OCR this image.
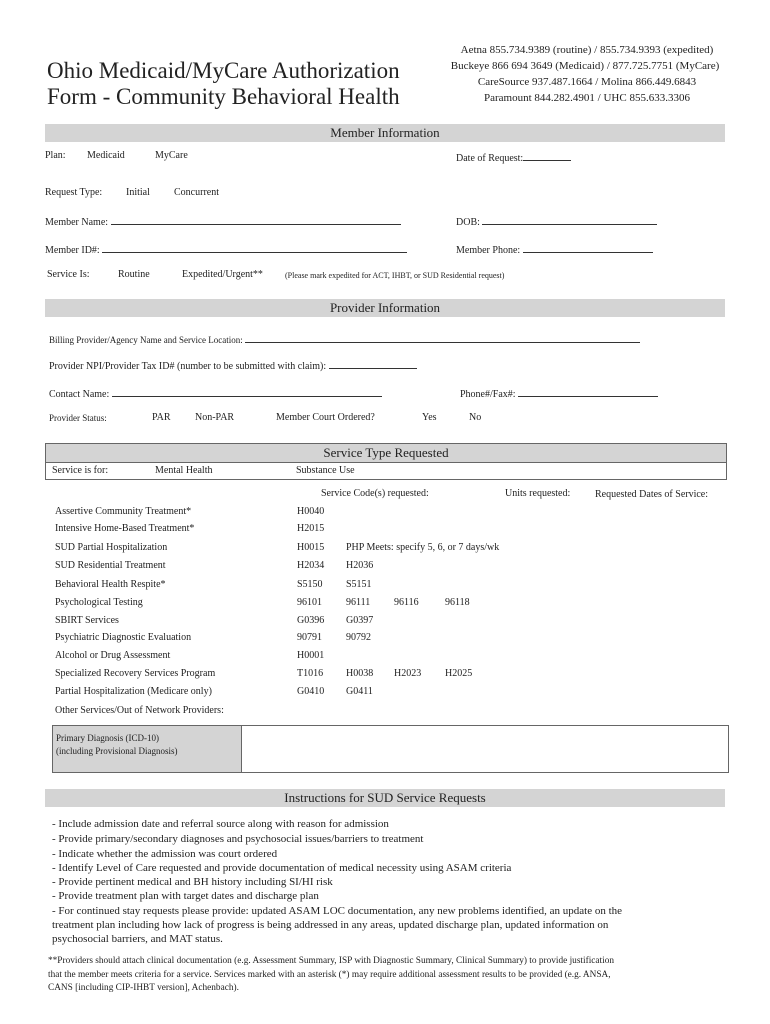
Ohio Medicaid/MyCare Authorization
Form - Community Behavioral Health
Aetna 855.734.9389 (routine) / 855.734.9393 (expedited)
Buckeye 866 694 3649 (Medicaid) / 877.725.7751 (MyCare)
CareSource 937.487.1664 / Molina 866.449.6843
Paramount 844.282.4901 / UHC 855.633.3306
Member Information
Plan: Medicaid	MyCare	Date of Request:
Request Type: Initial Concurrent
Member Name:	DOB:
Member ID#:	Member Phone:
Service Is:	Routine	Expedited/Urgent**	(Please mark expedited for ACT, IHBT, or SUD Residential request)
Provider Information
Billing Provider/Agency Name and Service Location:
Provider NPI/Provider Tax ID# (number to be submitted with claim):
Contact Name:	Phone#/Fax#:
Provider Status:	PAR Non-PAR	Member Court Ordered?	Yes	No
Service Type Requested
Service is for:	Mental Health	Substance Use
Service Code(s) requested:	Units requested: Requested Dates of Service:
Assertive Community Treatment*	H0040
Intensive Home-Based Treatment*	H2015
SUD Partial Hospitalization	H0015 PHP Meets: specify 5, 6, or 7 days/wk
SUD Residential Treatment	H2034 H2036
Behavioral Health Respite*	S5150 S5151
Psychological Testing	96101 96111 96116	96118
SBIRT Services	G0396 G0397
Psychiatric Diagnostic Evaluation	90791 90792
Alcohol or Drug Assessment	H0001
Specialized Recovery Services Program	T1016 H0038 H2023 H2025
Partial Hospitalization (Medicare only)	G0410 G0411
Other Services/Out of Network Providers:
Primary Diagnosis (ICD-10)
(including Provisional Diagnosis)
Instructions for SUD Service Requests
- Include admission date and referral source along with reason for admission
- Provide primary/secondary diagnoses and psychosocial issues/barriers to treatment
- Indicate whether the admission was court ordered
- Identify Level of Care requested and provide documentation of medical necessity using ASAM criteria
- Provide pertinent medical and BH history including SI/HI risk
- Provide treatment plan with target dates and discharge plan
- For continued stay requests please provide: updated ASAM LOC documentation, any new problems identified, an update on the
treatment plan including how lack of progress is being addressed in any areas, updated discharge plan, updated information on
psychosocial barriers, and MAT status.
**Providers should attach clinical documentation (e.g. Assessment Summary, ISP with Diagnostic Summary, Clinical Summary) to provide justification
that the member meets criteria for a service. Services marked with an asterisk (*) may require additional assessment results to be provided (e.g. ANSA,
CANS [including CIP-IHBT version], Achenbach).
